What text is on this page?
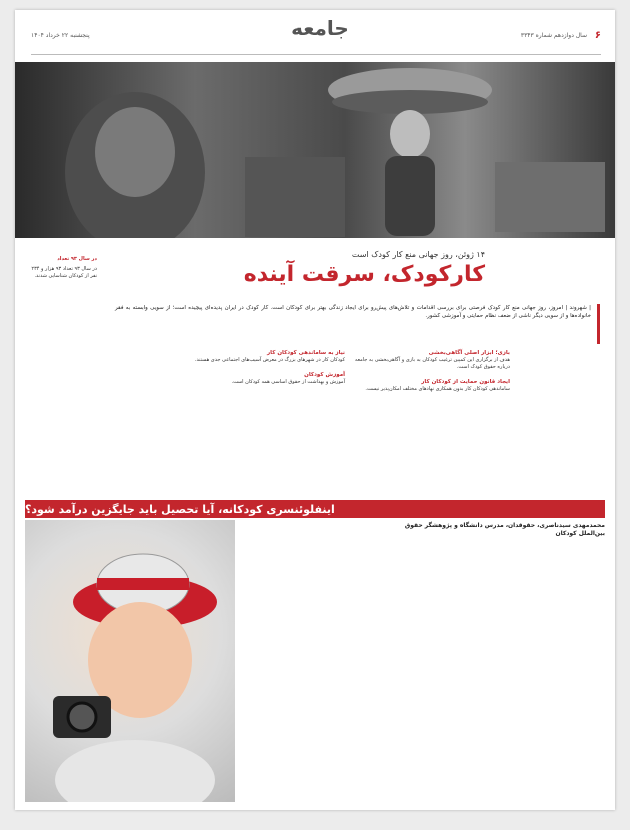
۶
سال دوازدهم شماره ۳۳۴۳
جامعه
پنجشنبه ۲۲ خرداد ۱۴۰۴
۱۴ ژوئن، روز جهانی منع کار کودک است
کارکودک، سرقت آینده
| شهروند | امروز، روز جهانی منع کار کودک فرصتی برای بررسی اقدامات و تلاش‌های پیش‌رو برای ایجاد زندگی بهتر برای کودکان است. کار کودک در ایران پدیده‌ای پیچیده است؛ از سویی وابسته به فقر خانواده‌ها و از سویی دیگر ناشی از ضعف نظام حمایتی و آموزشی کشور.
در سال ۹۳ تعداد
در سال ۹۳ تعداد ۹۳ هزار و ۲۳۴ نفر از کودکان شناسایی شدند.
بازی؛ ابزار اصلی آگاهی‌بخشی
هدف از برگزاری این کمپین ترغیب کودکان به بازی و آگاهی‌بخشی به جامعه درباره حقوق کودک است.
ایجاد قانون حمایت از کودکان کار
ساماندهی کودکان کار بدون همکاری نهادهای مختلف امکان‌پذیر نیست.
نیاز به ساماندهی کودکان کار
کودکان کار در شهرهای بزرگ در معرض آسیب‌های اجتماعی جدی هستند.
آموزش کودکان
آموزش و بهداشت از حقوق اساسی همه کودکان است.
اینفلوئنسری کودکانه، آیا تحصیل باید جایگزین درآمد شود؟
محمدمهدی سیدناصری، حقوقدان، مدرس دانشگاه و پژوهشگر حقوق بین‌الملل کودکان
